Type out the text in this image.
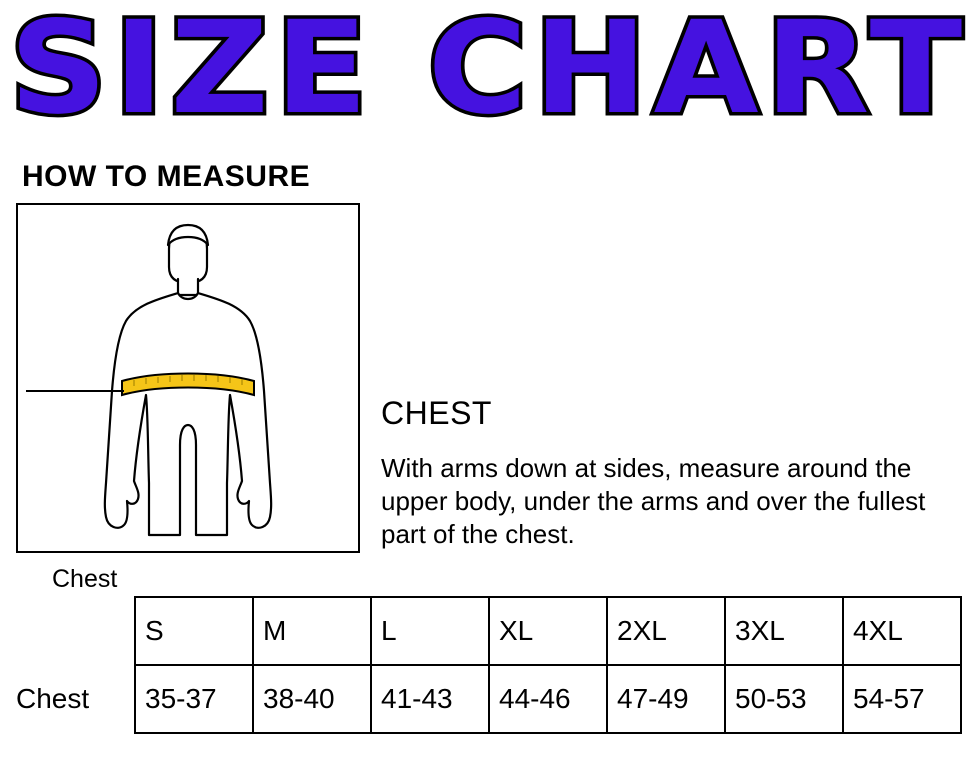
SIZE CHART
HOW TO MEASURE
Chest
CHEST
With arms down at sides, measure around the upper body, under the arms and over the fullest part of the chest.
	S	M	L	XL	2XL	3XL	4XL
Chest	35-37	38-40	41-43	44-46	47-49	50-53	54-57
